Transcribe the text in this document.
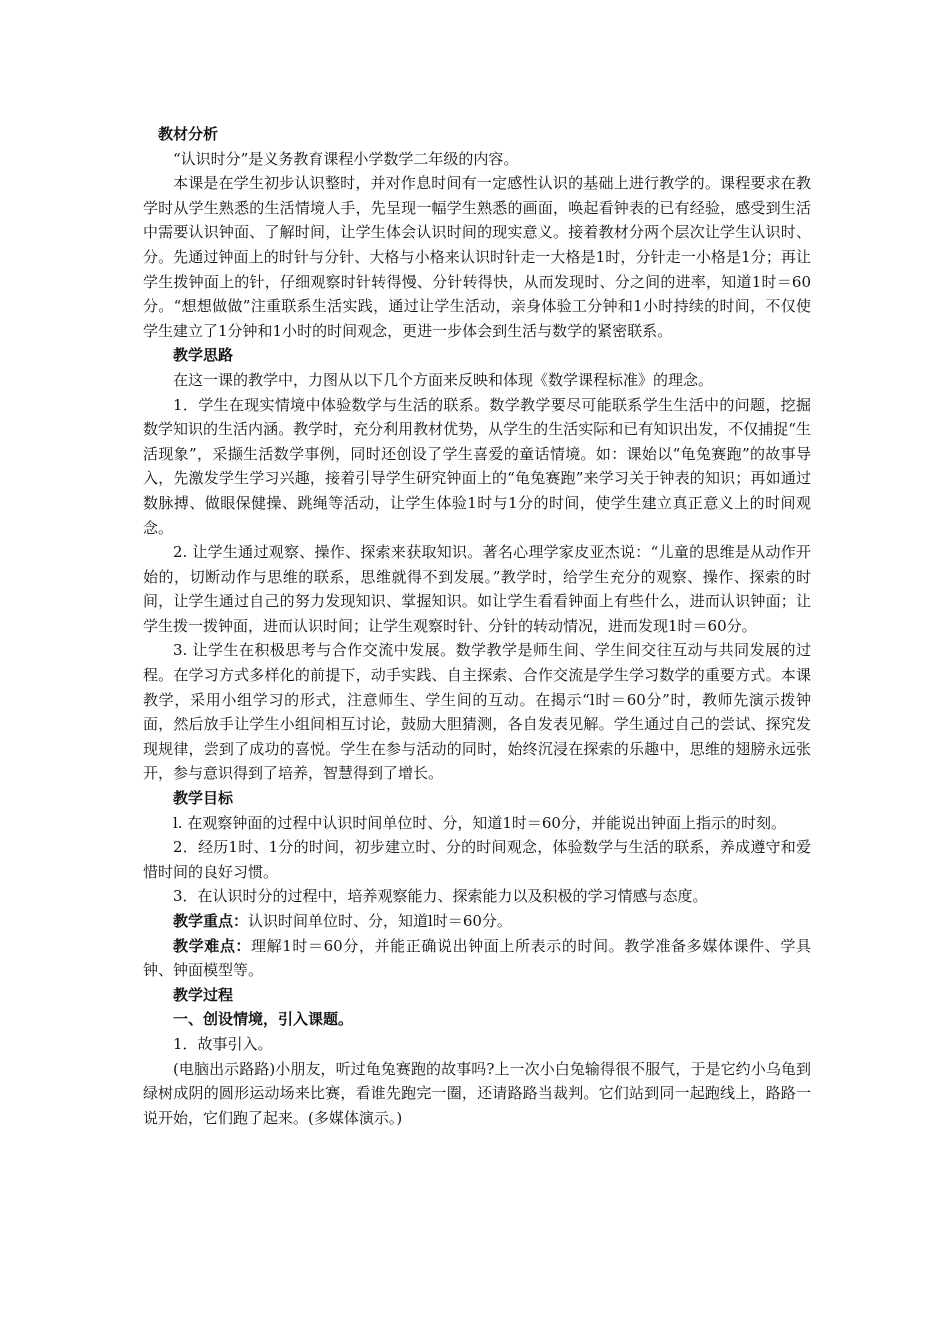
教材分析

“认识时分”是义务教育课程小学数学二年级的内容。

本课是在学生初步认识整时，并对作息时间有一定感性认识的基础上进行教学的。课程要求在教学时从学生熟悉的生活情境人手，先呈现一幅学生熟悉的画面，唤起看钟表的已有经验，感受到生活中需要认识钟面、了解时间，让学生体会认识时间的现实意义。接着教材分两个层次让学生认识时、分。先通过钟面上的时针与分针、大格与小格来认识时针走一大格是1时，分针走一小格是1分；再让学生拨钟面上的针，仔细观察时针转得慢、分针转得快，从而发现时、分之间的进率，知道1时＝60分。“想想做做”注重联系生活实践，通过让学生活动，亲身体验工分钟和1小时持续的时间，不仅使学生建立了1分钟和1小时的时间观念，更进一步体会到生活与数学的紧密联系。

教学思路

在这一课的教学中，力图从以下几个方面来反映和体现《数学课程标准》的理念。

1．学生在现实情境中体验数学与生活的联系。数学教学要尽可能联系学生生活中的问题，挖掘数学知识的生活内涵。教学时，充分利用教材优势，从学生的生活实际和已有知识出发，不仅捕捉“生活现象”，采撷生活数学事例，同时还创设了学生喜爱的童话情境。如：课始以“龟兔赛跑”的故事导入，先激发学生学习兴趣，接着引导学生研究钟面上的“龟兔赛跑”来学习关于钟表的知识；再如通过数脉搏、做眼保健操、跳绳等活动，让学生体验1时与1分的时间，使学生建立真正意义上的时间观念。

2. 让学生通过观察、操作、探索来获取知识。著名心理学家皮亚杰说：“儿童的思维是从动作开始的，切断动作与思维的联系，思维就得不到发展。”教学时，给学生充分的观察、操作、探索的时间，让学生通过自己的努力发现知识、掌握知识。如让学生看看钟面上有些什么，进而认识钟面；让学生拨一拨钟面，进而认识时间；让学生观察时针、分针的转动情况，进而发现1时＝60分。

3. 让学生在积极思考与合作交流中发展。数学教学是师生间、学生间交往互动与共同发展的过程。在学习方式多样化的前提下，动手实践、自主探索、合作交流是学生学习数学的重要方式。本课教学，采用小组学习的形式，注意师生、学生间的互动。在揭示“l时＝60分”时，教师先演示拨钟面，然后放手让学生小组间相互讨论，鼓励大胆猜测，各自发表见解。学生通过自己的尝试、探究发现规律，尝到了成功的喜悦。学生在参与活动的同时，始终沉浸在探索的乐趣中，思维的翅膀永远张开，参与意识得到了培养，智慧得到了增长。

教学目标

l. 在观察钟面的过程中认识时间单位时、分，知道1时＝60分，并能说出钟面上指示的时刻。

2．经历1时、1分的时间，初步建立时、分的时间观念，体验数学与生活的联系，养成遵守和爱惜时间的良好习惯。

3．在认识时分的过程中，培养观察能力、探索能力以及积极的学习情感与态度。

教学重点：认识时间单位时、分，知道l时＝60分。

教学难点：理解1时＝60分，并能正确说出钟面上所表示的时间。教学准备多媒体课件、学具钟、钟面模型等。

教学过程

一、创设情境，引入课题。

1．故事引入。

(电脑出示路路)小朋友，听过龟兔赛跑的故事吗?上一次小白兔输得很不服气，于是它约小乌龟到绿树成阴的圆形运动场来比赛，看谁先跑完一圈，还请路路当裁判。它们站到同一起跑线上，路路一说开始，它们跑了起来。(多媒体演示。)
